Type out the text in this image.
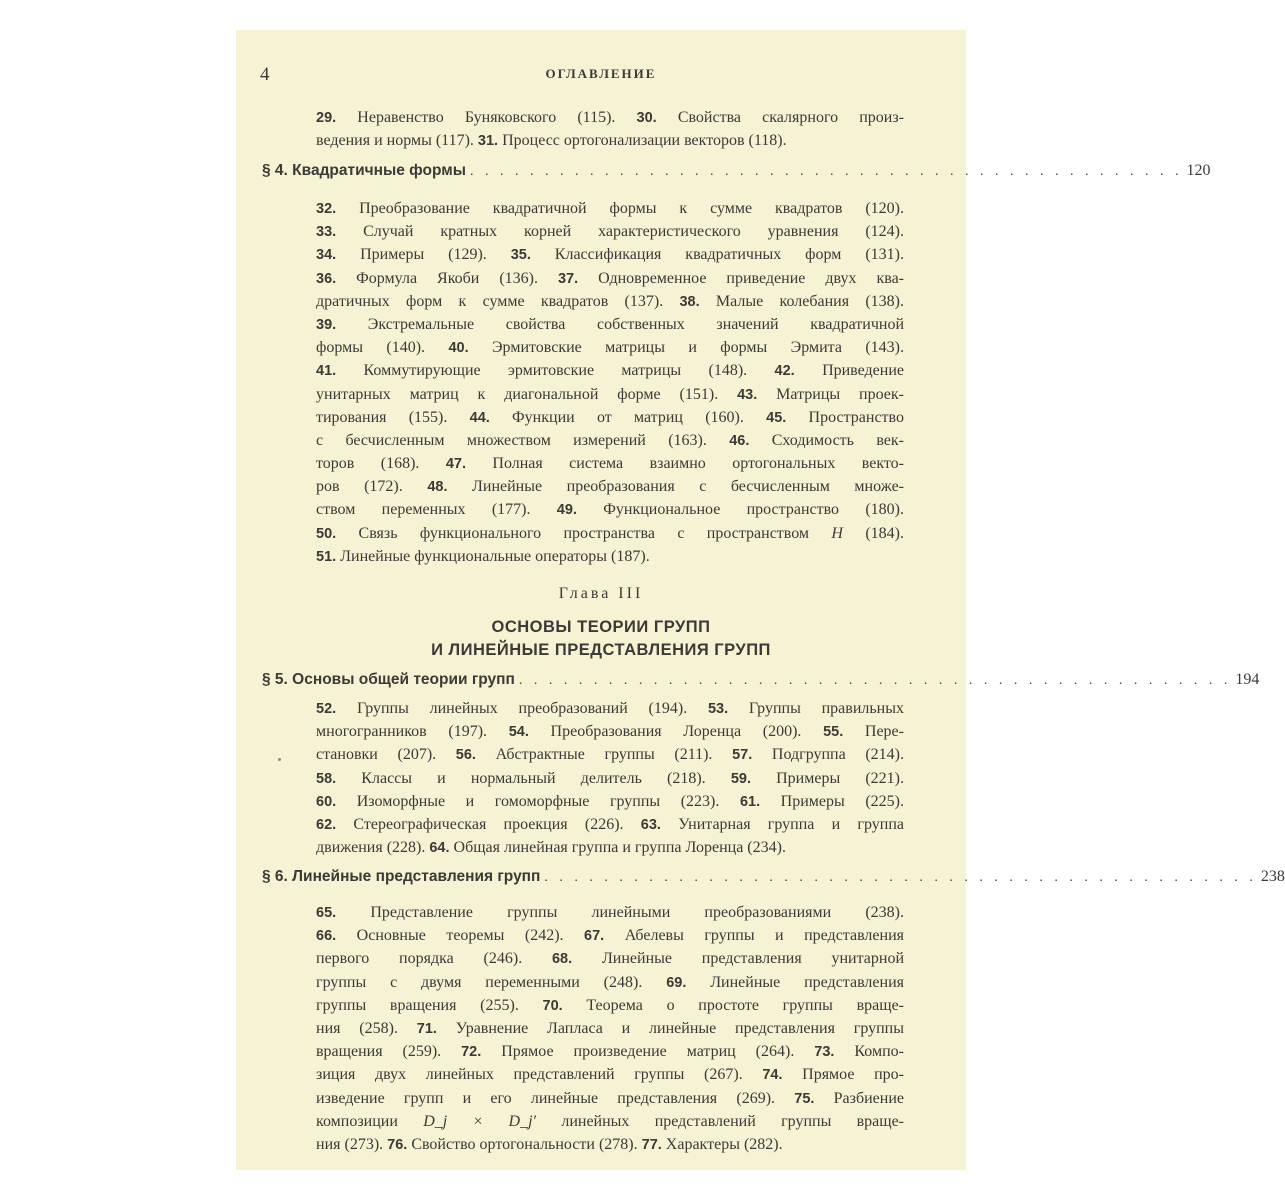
4	ОГЛАВЛЕНИЕ
29. Неравенство Буняковского (115). 30. Свойства скалярного произ-
ведения и нормы (117). 31. Процесс ортогонализации векторов (118).
§ 4. Квадратичные формы . . . . . . . . . . . . . . . . . . . . . . . . . . . . . . . . . . . . . . . . . . . . . . . . 120
32. Преобразование квадратичной формы к сумме квадратов (120).
33. Случай кратных корней характеристического уравнения (124).
34. Примеры (129). 35. Классификация квадратичных форм (131).
36. Формула Якоби (136). 37. Одновременное приведение двух ква-
дратичных форм к сумме квадратов (137). 38. Малые колебания (138).
39. Экстремальные свойства собственных значений квадратичной
формы (140). 40. Эрмитовские матрицы и формы Эрмита (143).
41. Коммутирующие эрмитовские матрицы (148). 42. Приведение
унитарных матриц к диагональной форме (151). 43. Матрицы проек-
тирования (155). 44. Функции от матриц (160). 45. Пространство
с бесчисленным множеством измерений (163). 46. Сходимость век-
торов (168). 47. Полная система взаимно ортогональных векто-
ров (172). 48. Линейные преобразования с бесчисленным множе-
ством переменных (177). 49. Функциональное пространство (180).
50. Связь функционального пространства с пространством H (184).
51. Линейные функциональные операторы (187).
Глава III
ОСНОВЫ ТЕОРИИ ГРУПП
И ЛИНЕЙНЫЕ ПРЕДСТАВЛЕНИЯ ГРУПП
§ 5. Основы общей теории групп . . . . . . . . . . . . . . . . . . . . . . . . . . . . . . . . . . . . . . . . . . . . . . . . 194
52. Группы линейных преобразований (194). 53. Группы правильных
многогранников (197). 54. Преобразования Лоренца (200). 55. Пере-
становки (207). 56. Абстрактные группы (211). 57. Подгруппа (214).
58. Классы и нормальный делитель (218). 59. Примеры (221).
60. Изоморфные и гомоморфные группы (223). 61. Примеры (225).
62. Стереографическая проекция (226). 63. Унитарная группа и группа
движения (228). 64. Общая линейная группа и группа Лоренца (234).
§ 6. Линейные представления групп . . . . . . . . . . . . . . . . . . . . . . . . . . . . . . . . . . . . . . . . . . . . . . . . 238
65. Представление группы линейными преобразованиями (238).
66. Основные теоремы (242). 67. Абелевы группы и представления
первого порядка (246). 68. Линейные представления унитарной
группы с двумя переменными (248). 69. Линейные представления
группы вращения (255). 70. Теорема о простоте группы враще-
ния (258). 71. Уравнение Лапласа и линейные представления группы
вращения (259). 72. Прямое произведение матриц (264). 73. Компо-
зиция двух линейных представлений группы (267). 74. Прямое про-
изведение групп и его линейные представления (269). 75. Разбиение
композиции D_j × D_j′ линейных представлений группы враще-
ния (273). 76. Свойство ортогональности (278). 77. Характеры (282).
